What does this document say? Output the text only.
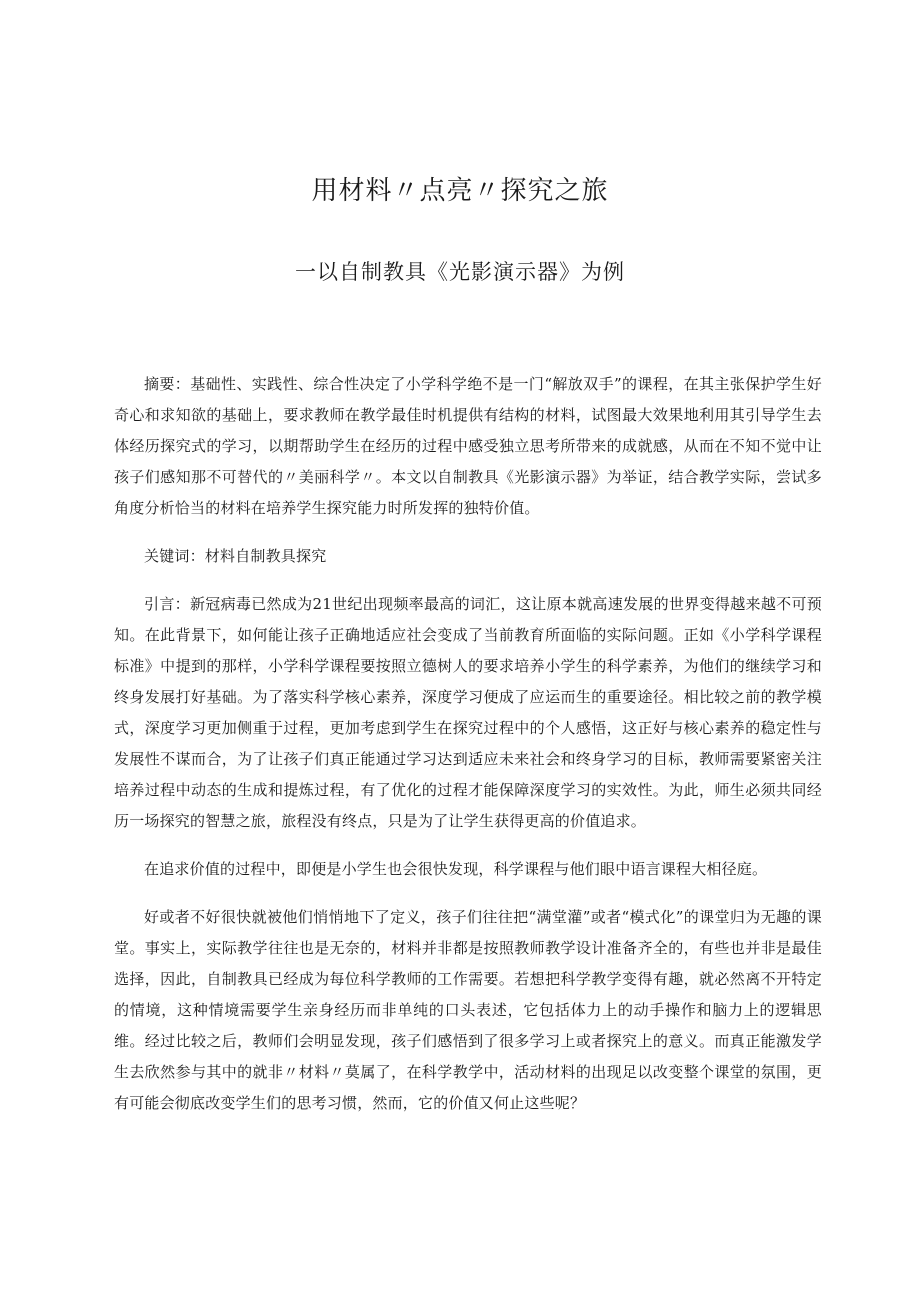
用材料〃点亮〃探究之旅
一以自制教具《光影演示器》为例

摘要：基础性、实践性、综合性决定了小学科学绝不是一门“解放双手”的课程，在其主张保护学生好奇心和求知欲的基础上，要求教师在教学最佳时机提供有结构的材料，试图最大效果地利用其引导学生去体经历探究式的学习，以期帮助学生在经历的过程中感受独立思考所带来的成就感，从而在不知不觉中让孩子们感知那不可替代的〃美丽科学〃。本文以自制教具《光影演示器》为举证，结合教学实际，尝试多角度分析恰当的材料在培养学生探究能力时所发挥的独特价值。

关键词：材料自制教具探究

引言：新冠病毒已然成为21世纪出现频率最高的词汇，这让原本就高速发展的世界变得越来越不可预知。在此背景下，如何能让孩子正确地适应社会变成了当前教育所面临的实际问题。正如《小学科学课程标准》中提到的那样，小学科学课程要按照立德树人的要求培养小学生的科学素养，为他们的继续学习和终身发展打好基础。为了落实科学核心素养，深度学习便成了应运而生的重要途径。相比较之前的教学模式，深度学习更加侧重于过程，更加考虑到学生在探究过程中的个人感悟，这正好与核心素养的稳定性与发展性不谋而合，为了让孩子们真正能通过学习达到适应未来社会和终身学习的目标，教师需要紧密关注培养过程中动态的生成和提炼过程，有了优化的过程才能保障深度学习的实效性。为此，师生必须共同经历一场探究的智慧之旅，旅程没有终点，只是为了让学生获得更高的价值追求。

在追求价值的过程中，即便是小学生也会很快发现，科学课程与他们眼中语言课程大相径庭。

好或者不好很快就被他们悄悄地下了定义，孩子们往往把“满堂灌”或者“模式化”的课堂归为无趣的课堂。事实上，实际教学往往也是无奈的，材料并非都是按照教师教学设计准备齐全的，有些也并非是最佳选择，因此，自制教具已经成为每位科学教师的工作需要。若想把科学教学变得有趣，就必然离不开特定的情境，这种情境需要学生亲身经历而非单纯的口头表述，它包括体力上的动手操作和脑力上的逻辑思维。经过比较之后，教师们会明显发现，孩子们感悟到了很多学习上或者探究上的意义。而真正能激发学生去欣然参与其中的就非〃材料〃莫属了，在科学教学中，活动材料的出现足以改变整个课堂的氛围，更有可能会彻底改变学生们的思考习惯，然而，它的价值又何止这些呢？
